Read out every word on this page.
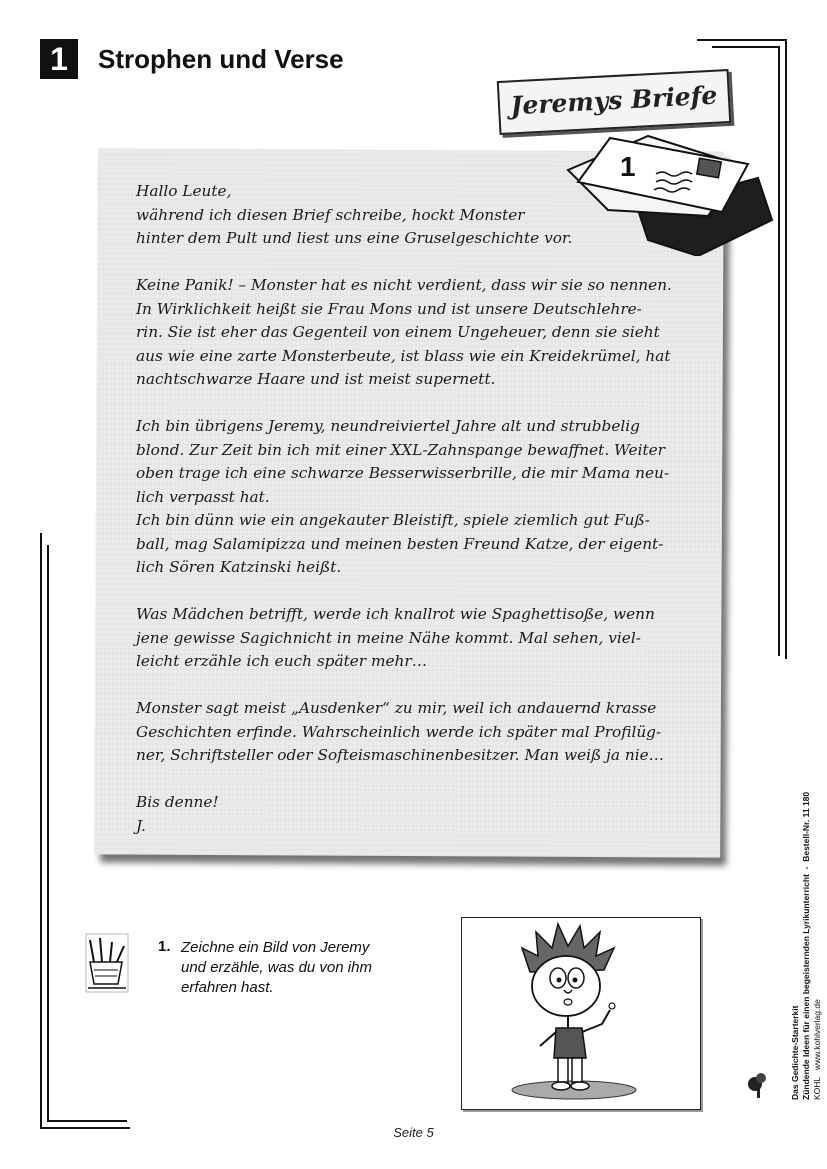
1	Strophen und Verse
Jeremys Briefe
1

Hallo Leute,
während ich diesen Brief schreibe, hockt Monster
hinter dem Pult und liest uns eine Gruselgeschichte vor.

Keine Panik! – Monster hat es nicht verdient, dass wir sie so nennen.
In Wirklichkeit heißt sie Frau Mons und ist unsere Deutschlehre-
rin. Sie ist eher das Gegenteil von einem Ungeheuer, denn sie sieht
aus wie eine zarte Monsterbeute, ist blass wie ein Kreidekrümel, hat
nachtschwarze Haare und ist meist supernett.

Ich bin übrigens Jeremy, neundreiviertel Jahre alt und strubbelig
blond. Zur Zeit bin ich mit einer XXL-Zahnspange bewaffnet. Weiter
oben trage ich eine schwarze Besserwisserbrille, die mir Mama neu-
lich verpasst hat.
Ich bin dünn wie ein angekauter Bleistift, spiele ziemlich gut Fuß-
ball, mag Salamipizza und meinen besten Freund Katze, der eigent-
lich Sören Katzinski heißt.

Was Mädchen betrifft, werde ich knallrot wie Spaghettisoße, wenn
jene gewisse Sagichnicht in meine Nähe kommt. Mal sehen, viel-
leicht erzähle ich euch später mehr…

Monster sagt meist „Ausdenker“ zu mir, weil ich andauernd krasse
Geschichten erfinde. Wahrscheinlich werde ich später mal Profilüg-
ner, Schriftsteller oder Softeismaschinenbesitzer. Man weiß ja nie…

Bis denne!
J.

1. Zeichne ein Bild von Jeremy
und erzähle, was du von ihm
erfahren hast.
Das Gedichte-Starterkit Zündende Ideen für einen begeisternden Lyrikunterricht  -  Bestell-Nr. 11 180
KOHL   www.kohlverlag.de
Seite 5
